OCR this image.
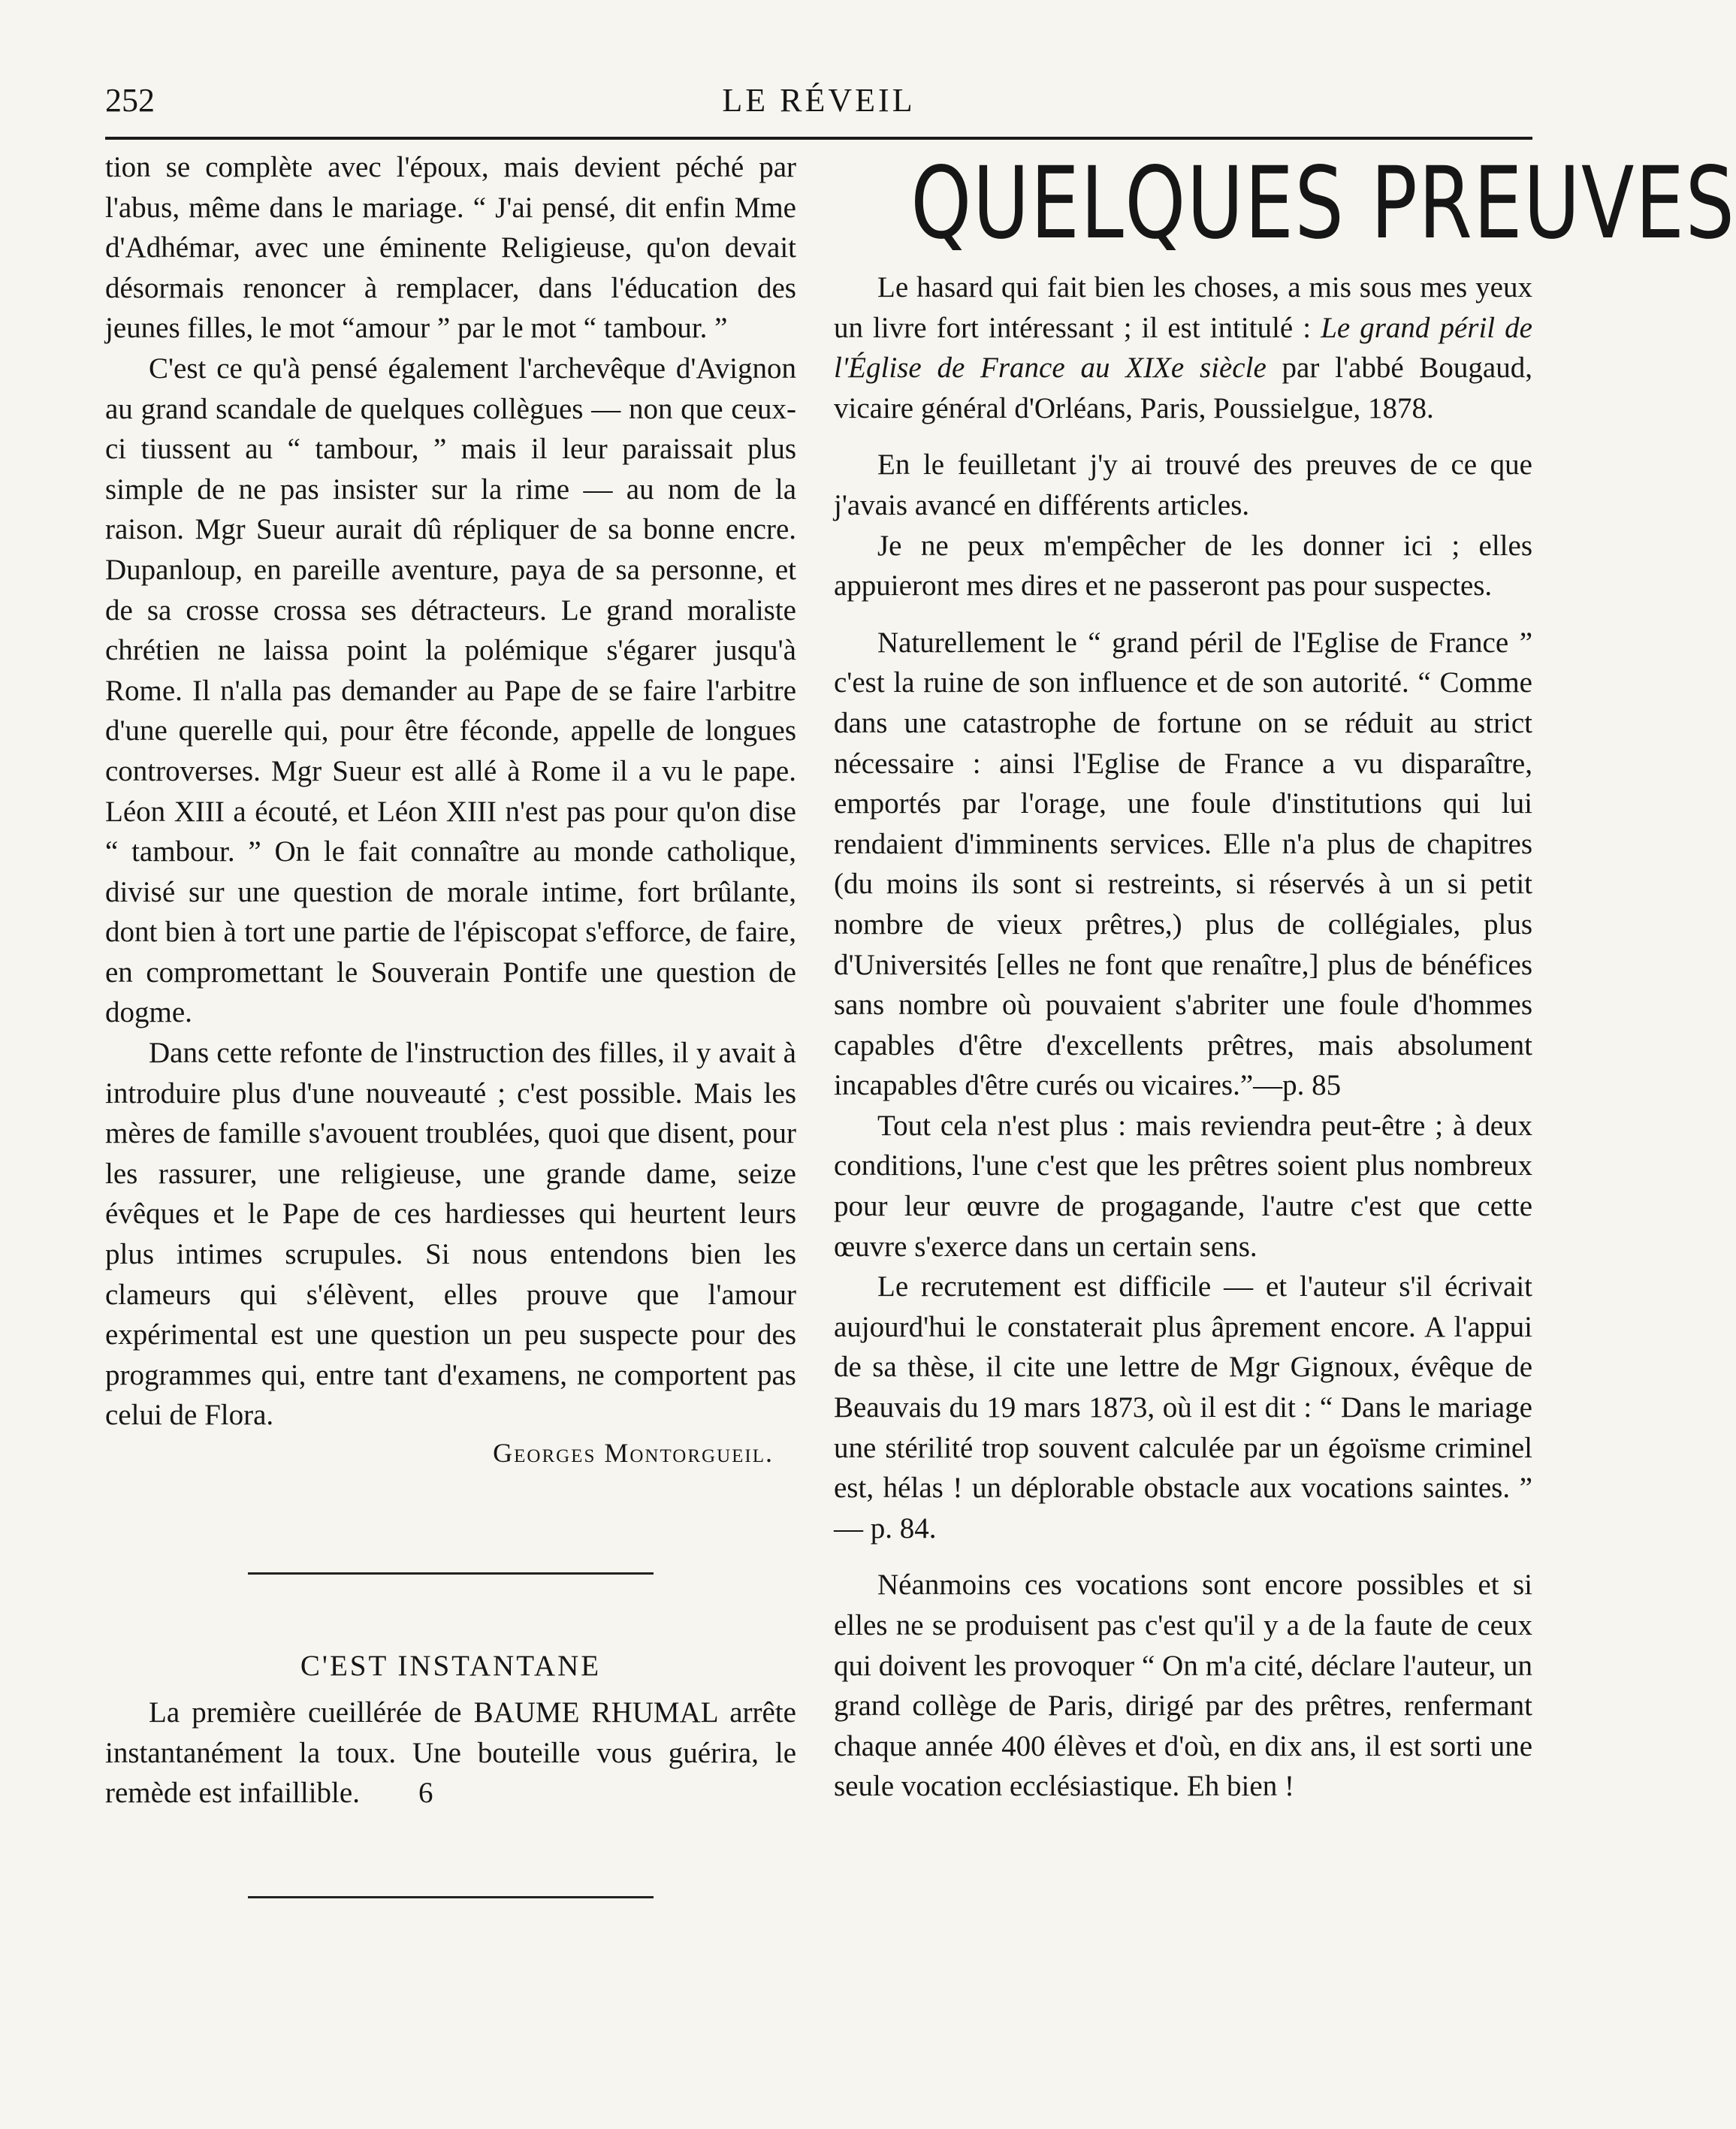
252	LE RÉVEIL

tion se complète avec l'époux, mais devient péché par l'abus, même dans le mariage. “ J'ai pensé, dit enfin Mme d'Adhémar, avec une éminente Religieuse, qu'on devait désormais renoncer à remplacer, dans l'éducation des jeunes filles, le mot “amour ” par le mot “ tambour. ”

C'est ce qu'à pensé également l'archevêque d'Avignon au grand scandale de quelques collègues — non que ceux-ci tiussent au “ tambour, ” mais il leur paraissait plus simple de ne pas insister sur la rime — au nom de la raison. Mgr Sueur aurait dû répliquer de sa bonne encre. Dupanloup, en pareille aventure, paya de sa personne, et de sa crosse crossa ses détracteurs. Le grand moraliste chrétien ne laissa point la polémique s'égarer jusqu'à Rome. Il n'alla pas demander au Pape de se faire l'arbitre d'une querelle qui, pour être féconde, appelle de longues controverses. Mgr Sueur est allé à Rome il a vu le pape. Léon XIII a écouté, et Léon XIII n'est pas pour qu'on dise “ tambour. ” On le fait connaître au monde catholique, divisé sur une question de morale intime, fort brûlante, dont bien à tort une partie de l'épiscopat s'efforce, de faire, en compromettant le Souverain Pontife une question de dogme.

Dans cette refonte de l'instruction des filles, il y avait à introduire plus d'une nouveauté ; c'est possible. Mais les mères de famille s'avouent troublées, quoi que disent, pour les rassurer, une religieuse, une grande dame, seize évêques et le Pape de ces hardiesses qui heurtent leurs plus intimes scrupules. Si nous entendons bien les clameurs qui s'élèvent, elles prouve que l'amour expérimental est une question un peu suspecte pour des programmes qui, entre tant d'examens, ne comportent pas celui de Flora.

Georges Montorgueil.
C'EST INSTANTANE

La première cueillérée de BAUME RHUMAL arrête instantanément la toux. Une bouteille vous guérira, le remède est infaillible. 6

QUELQUES PREUVES

Le hasard qui fait bien les choses, a mis sous mes yeux un livre fort intéressant ; il est intitulé : Le grand péril de l'Église de France au XIXe siècle par l'abbé Bougaud, vicaire général d'Orléans, Paris, Poussielgue, 1878.

En le feuilletant j'y ai trouvé des preuves de ce que j'avais avancé en différents articles.

Je ne peux m'empêcher de les donner ici ; elles appuieront mes dires et ne passeront pas pour suspectes.

Naturellement le “ grand péril de l'Eglise de France ” c'est la ruine de son influence et de son autorité. “ Comme dans une catastrophe de fortune on se réduit au strict nécessaire : ainsi l'Eglise de France a vu disparaître, emportés par l'orage, une foule d'institutions qui lui rendaient d'imminents services. Elle n'a plus de chapitres (du moins ils sont si restreints, si réservés à un si petit nombre de vieux prêtres,) plus de collégiales, plus d'Universités [elles ne font que renaître,] plus de bénéfices sans nombre où pouvaient s'abriter une foule d'hommes capables d'être d'excellents prêtres, mais absolument incapables d'être curés ou vicaires.”—p. 85

Tout cela n'est plus : mais reviendra peut-être ; à deux conditions, l'une c'est que les prêtres soient plus nombreux pour leur œuvre de progagande, l'autre c'est que cette œuvre s'exerce dans un certain sens.

Le recrutement est difficile — et l'auteur s'il écrivait aujourd'hui le constaterait plus âprement encore. A l'appui de sa thèse, il cite une lettre de Mgr Gignoux, évêque de Beauvais du 19 mars 1873, où il est dit : “ Dans le mariage une stérilité trop souvent calculée par un égoïsme criminel est, hélas ! un déplorable obstacle aux vocations saintes. ” — p. 84.

Néanmoins ces vocations sont encore possibles et si elles ne se produisent pas c'est qu'il y a de la faute de ceux qui doivent les provoquer “ On m'a cité, déclare l'auteur, un grand collège de Paris, dirigé par des prêtres, renfermant chaque année 400 élèves et d'où, en dix ans, il est sorti une seule vocation ecclésiastique. Eh bien !
